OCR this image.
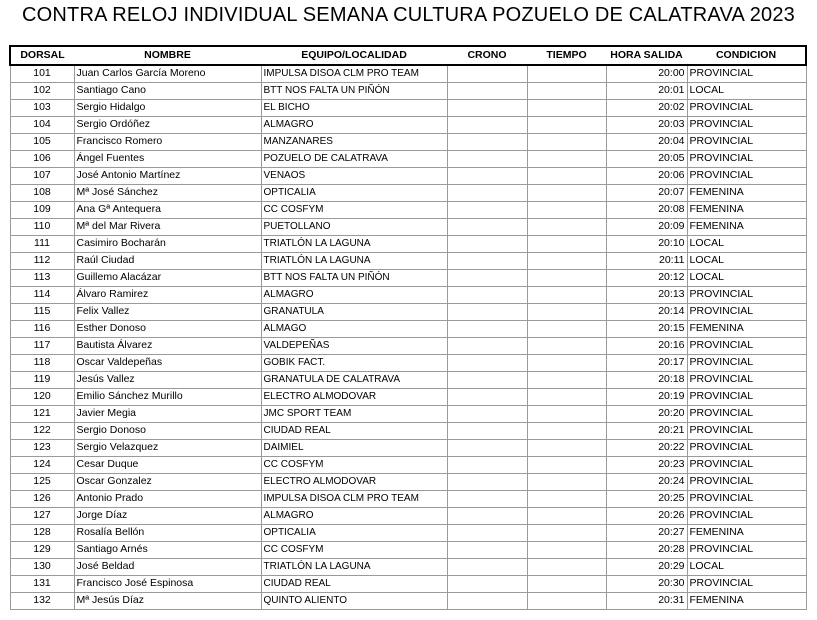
CONTRA RELOJ INDIVIDUAL SEMANA CULTURA POZUELO DE CALATRAVA 2023
DORSAL	NOMBRE	EQUIPO/LOCALIDAD	CRONO	TIEMPO	HORA SALIDA	CONDICION
101	Juan Carlos García Moreno	IMPULSA DISOA CLM PRO TEAM			20:00	PROVINCIAL
102	Santiago Cano	BTT NOS FALTA UN PIÑÓN			20:01	LOCAL
103	Sergio Hidalgo	EL BICHO			20:02	PROVINCIAL
104	Sergio Ordóñez	ALMAGRO			20:03	PROVINCIAL
105	Francisco Romero	MANZANARES			20:04	PROVINCIAL
106	Ángel Fuentes	POZUELO DE CALATRAVA			20:05	PROVINCIAL
107	José Antonio Martínez	VENAOS			20:06	PROVINCIAL
108	Mª José Sánchez	OPTICALIA			20:07	FEMENINA
109	Ana Gª Antequera	CC COSFYM			20:08	FEMENINA
110	Mª del Mar Rivera	PUETOLLANO			20:09	FEMENINA
111	Casimiro Bocharán	TRIATLÓN LA LAGUNA			20:10	LOCAL
112	Raúl Ciudad	TRIATLÓN LA LAGUNA			20:11	LOCAL
113	Guillemo Alacázar	BTT NOS FALTA UN PIÑÓN			20:12	LOCAL
114	Álvaro Ramirez	ALMAGRO			20:13	PROVINCIAL
115	Felix Vallez	GRANATULA			20:14	PROVINCIAL
116	Esther Donoso	ALMAGO			20:15	FEMENINA
117	Bautista Álvarez	VALDEPEÑAS			20:16	PROVINCIAL
118	Oscar Valdepeñas	GOBIK FACT.			20:17	PROVINCIAL
119	Jesús Vallez	GRANATULA DE CALATRAVA			20:18	PROVINCIAL
120	Emilio Sánchez Murillo	ELECTRO ALMODOVAR			20:19	PROVINCIAL
121	Javier Megia	JMC SPORT TEAM			20:20	PROVINCIAL
122	Sergio Donoso	CIUDAD REAL			20:21	PROVINCIAL
123	Sergio Velazquez	DAIMIEL			20:22	PROVINCIAL
124	Cesar Duque	CC COSFYM			20:23	PROVINCIAL
125	Oscar Gonzalez	ELECTRO ALMODOVAR			20:24	PROVINCIAL
126	Antonio Prado	IMPULSA DISOA CLM PRO TEAM			20:25	PROVINCIAL
127	Jorge Díaz	ALMAGRO			20:26	PROVINCIAL
128	Rosalía Bellón	OPTICALIA			20:27	FEMENINA
129	Santiago Arnés	CC COSFYM			20:28	PROVINCIAL
130	José Beldad	TRIATLÓN LA LAGUNA			20:29	LOCAL
131	Francisco José Espinosa	CIUDAD REAL			20:30	PROVINCIAL
132	Mª Jesús Díaz	QUINTO ALIENTO			20:31	FEMENINA
